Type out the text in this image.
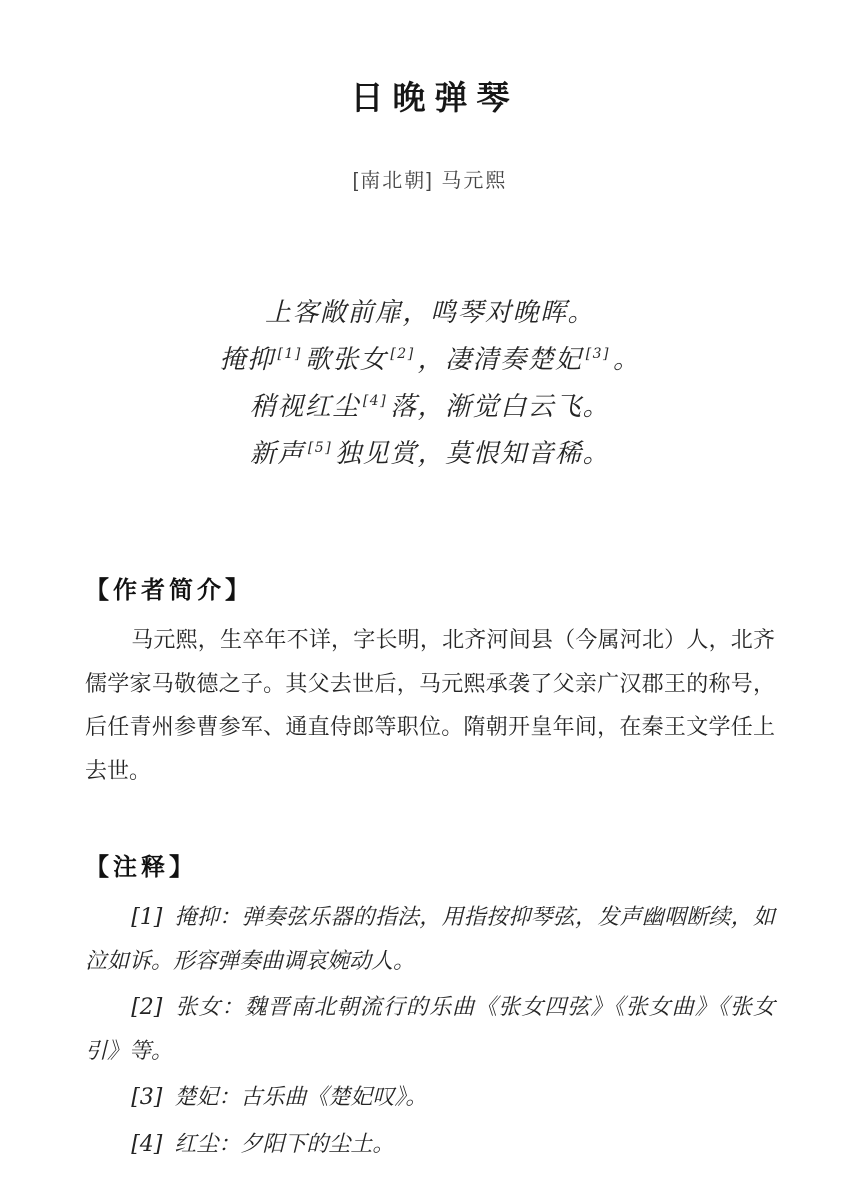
日晚弹琴
[南北朝] 马元熙

上客敞前扉，鸣琴对晚晖。

掩抑 [1] 歌张女 [2] ，凄清奏楚妃 [3] 。

稍视红尘 [4] 落，渐觉白云飞。

新声 [5] 独见赏，莫恨知音稀。

【作者简介】

马元熙，生卒年不详，字长明，北齐河间县（今属河北）人，北齐儒学家马敬德之子。其父去世后，马元熙承袭了父亲广汉郡王的称号，后任青州参曹参军、通直侍郎等职位。隋朝开皇年间，在秦王文学任上去世。

【注释】

[1] 掩抑：弹奏弦乐器的指法，用指按抑琴弦，发声幽咽断续，如泣如诉。形容弹奏曲调哀婉动人。

[2] 张女：魏晋南北朝流行的乐曲《张女四弦》《张女曲》《张女引》等。

[3] 楚妃：古乐曲《楚妃叹》。

[4] 红尘：夕阳下的尘土。
